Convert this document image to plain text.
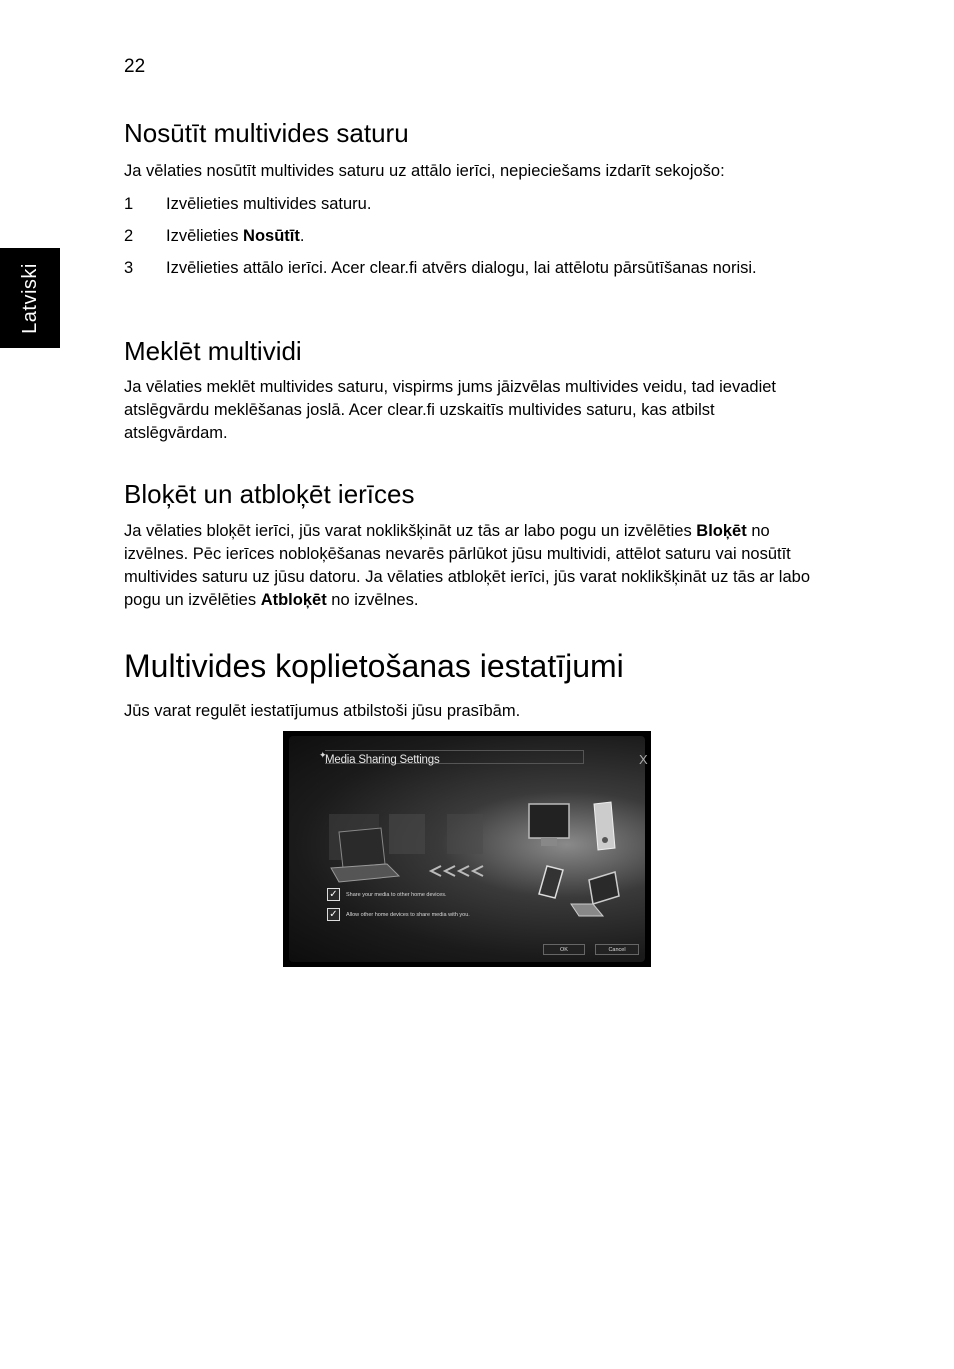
22
Latviski
Nosūtīt multivides saturu

Ja vēlaties nosūtīt multivides saturu uz attālo ierīci, nepieciešams izdarīt sekojošo:

1 Izvēlieties multivides saturu.
2 Izvēlieties Nosūtīt.
3 Izvēlieties attālo ierīci. Acer clear.fi atvērs dialogu, lai attēlotu pārsūtīšanas norisi.
Meklēt multividi

Ja vēlaties meklēt multivides saturu, vispirms jums jāizvēlas multivides veidu, tad ievadiet atslēgvārdu meklēšanas joslā. Acer clear.fi uzskaitīs multivides saturu, kas atbilst atslēgvārdam.

Bloķēt un atbloķēt ierīces

Ja vēlaties bloķēt ierīci, jūs varat noklikšķināt uz tās ar labo pogu un izvēlēties Bloķēt no izvēlnes. Pēc ierīces nobloķēšanas nevarēs pārlūkot jūsu multividi, attēlot saturu vai nosūtīt multivides saturu uz jūsu datoru. Ja vēlaties atbloķēt ierīci, jūs varat noklikšķināt uz tās ar labo pogu un izvēlēties Atbloķēt no izvēlnes.

Multivides koplietošanas iestatījumi

Jūs varat regulēt iestatījumus atbilstoši jūsu prasībām.

✦
Media Sharing Settings	X
✓	Share your media to other home devices.
✓	Allow other home devices to share media with you.
OK	Cancel
